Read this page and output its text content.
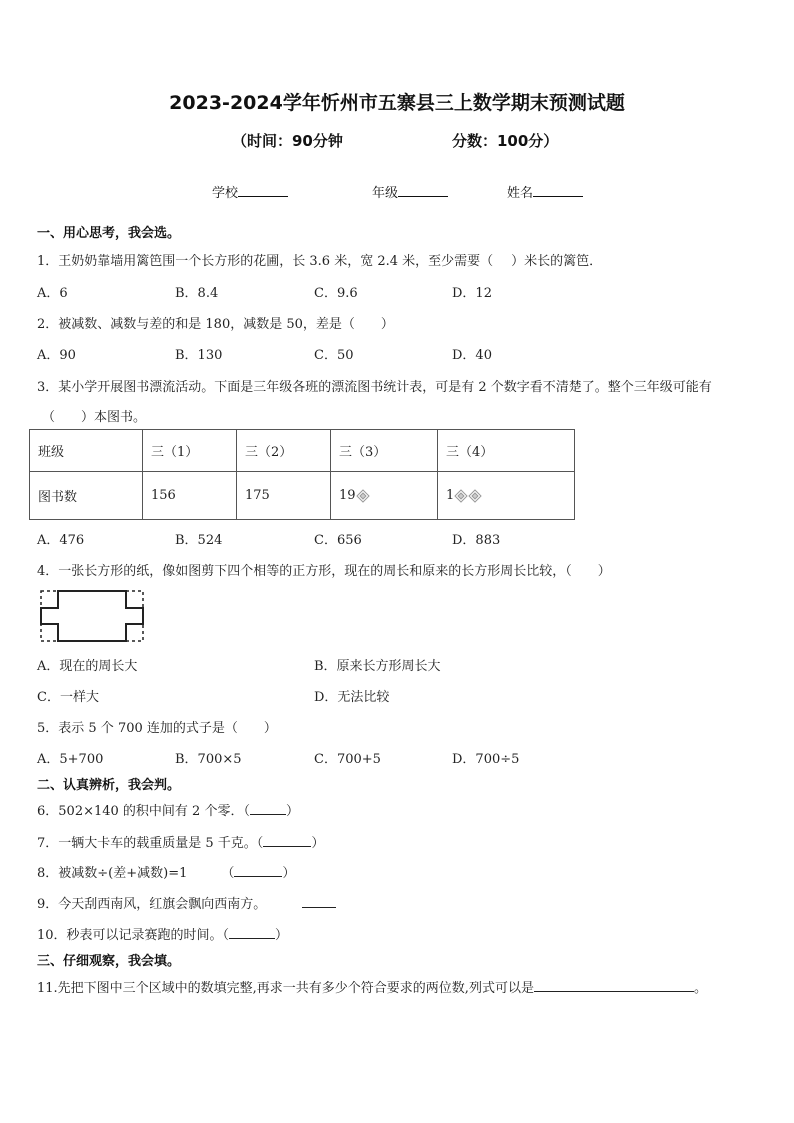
2023-2024学年忻州市五寨县三上数学期末预测试题
（时间：90分钟	分数：100分）
学校	年级	姓名
一、用心思考，我会选。
1．王奶奶靠墙用篱笆围一个长方形的花圃，长 3.6 米，宽 2.4 米，至少需要（ ）米长的篱笆．
A．6	B．8.4	C．9.6	D．12
2．被减数、减数与差的和是 180，减数是 50，差是（　　）
A．90	B．130	C．50	D．40
3．某小学开展图书漂流活动。下面是三年级各班的漂流图书统计表，可是有 2 个数字看不清楚了。整个三年级可能有
（　　）本图书。
班级	三（1）	三（2）	三（3）	三（4）
图书数	156	175	19	1
A．476	B．524	C．656	D．883
4．一张长方形的纸，像如图剪下四个相等的正方形，现在的周长和原来的长方形周长比较，（　　）
A．现在的周长大	B．原来长方形周长大
C．一样大	D．无法比较
5．表示 5 个 700 连加的式子是（　　）
A．5+700	B．700×5	C．700+5	D．700÷5
二、认真辨析，我会判。
6．502×140 的积中间有 2 个零．（	）
7．一辆大卡车的载重质量是 5 千克。（	）
8．被减数÷(差+减数)=1	（	）
9．今天刮西南风，红旗会飘向西南方。
10．秒表可以记录赛跑的时间。（	）
三、仔细观察，我会填。
11.先把下图中三个区域中的数填完整,再求一共有多少个符合要求的两位数,列式可以是	。
